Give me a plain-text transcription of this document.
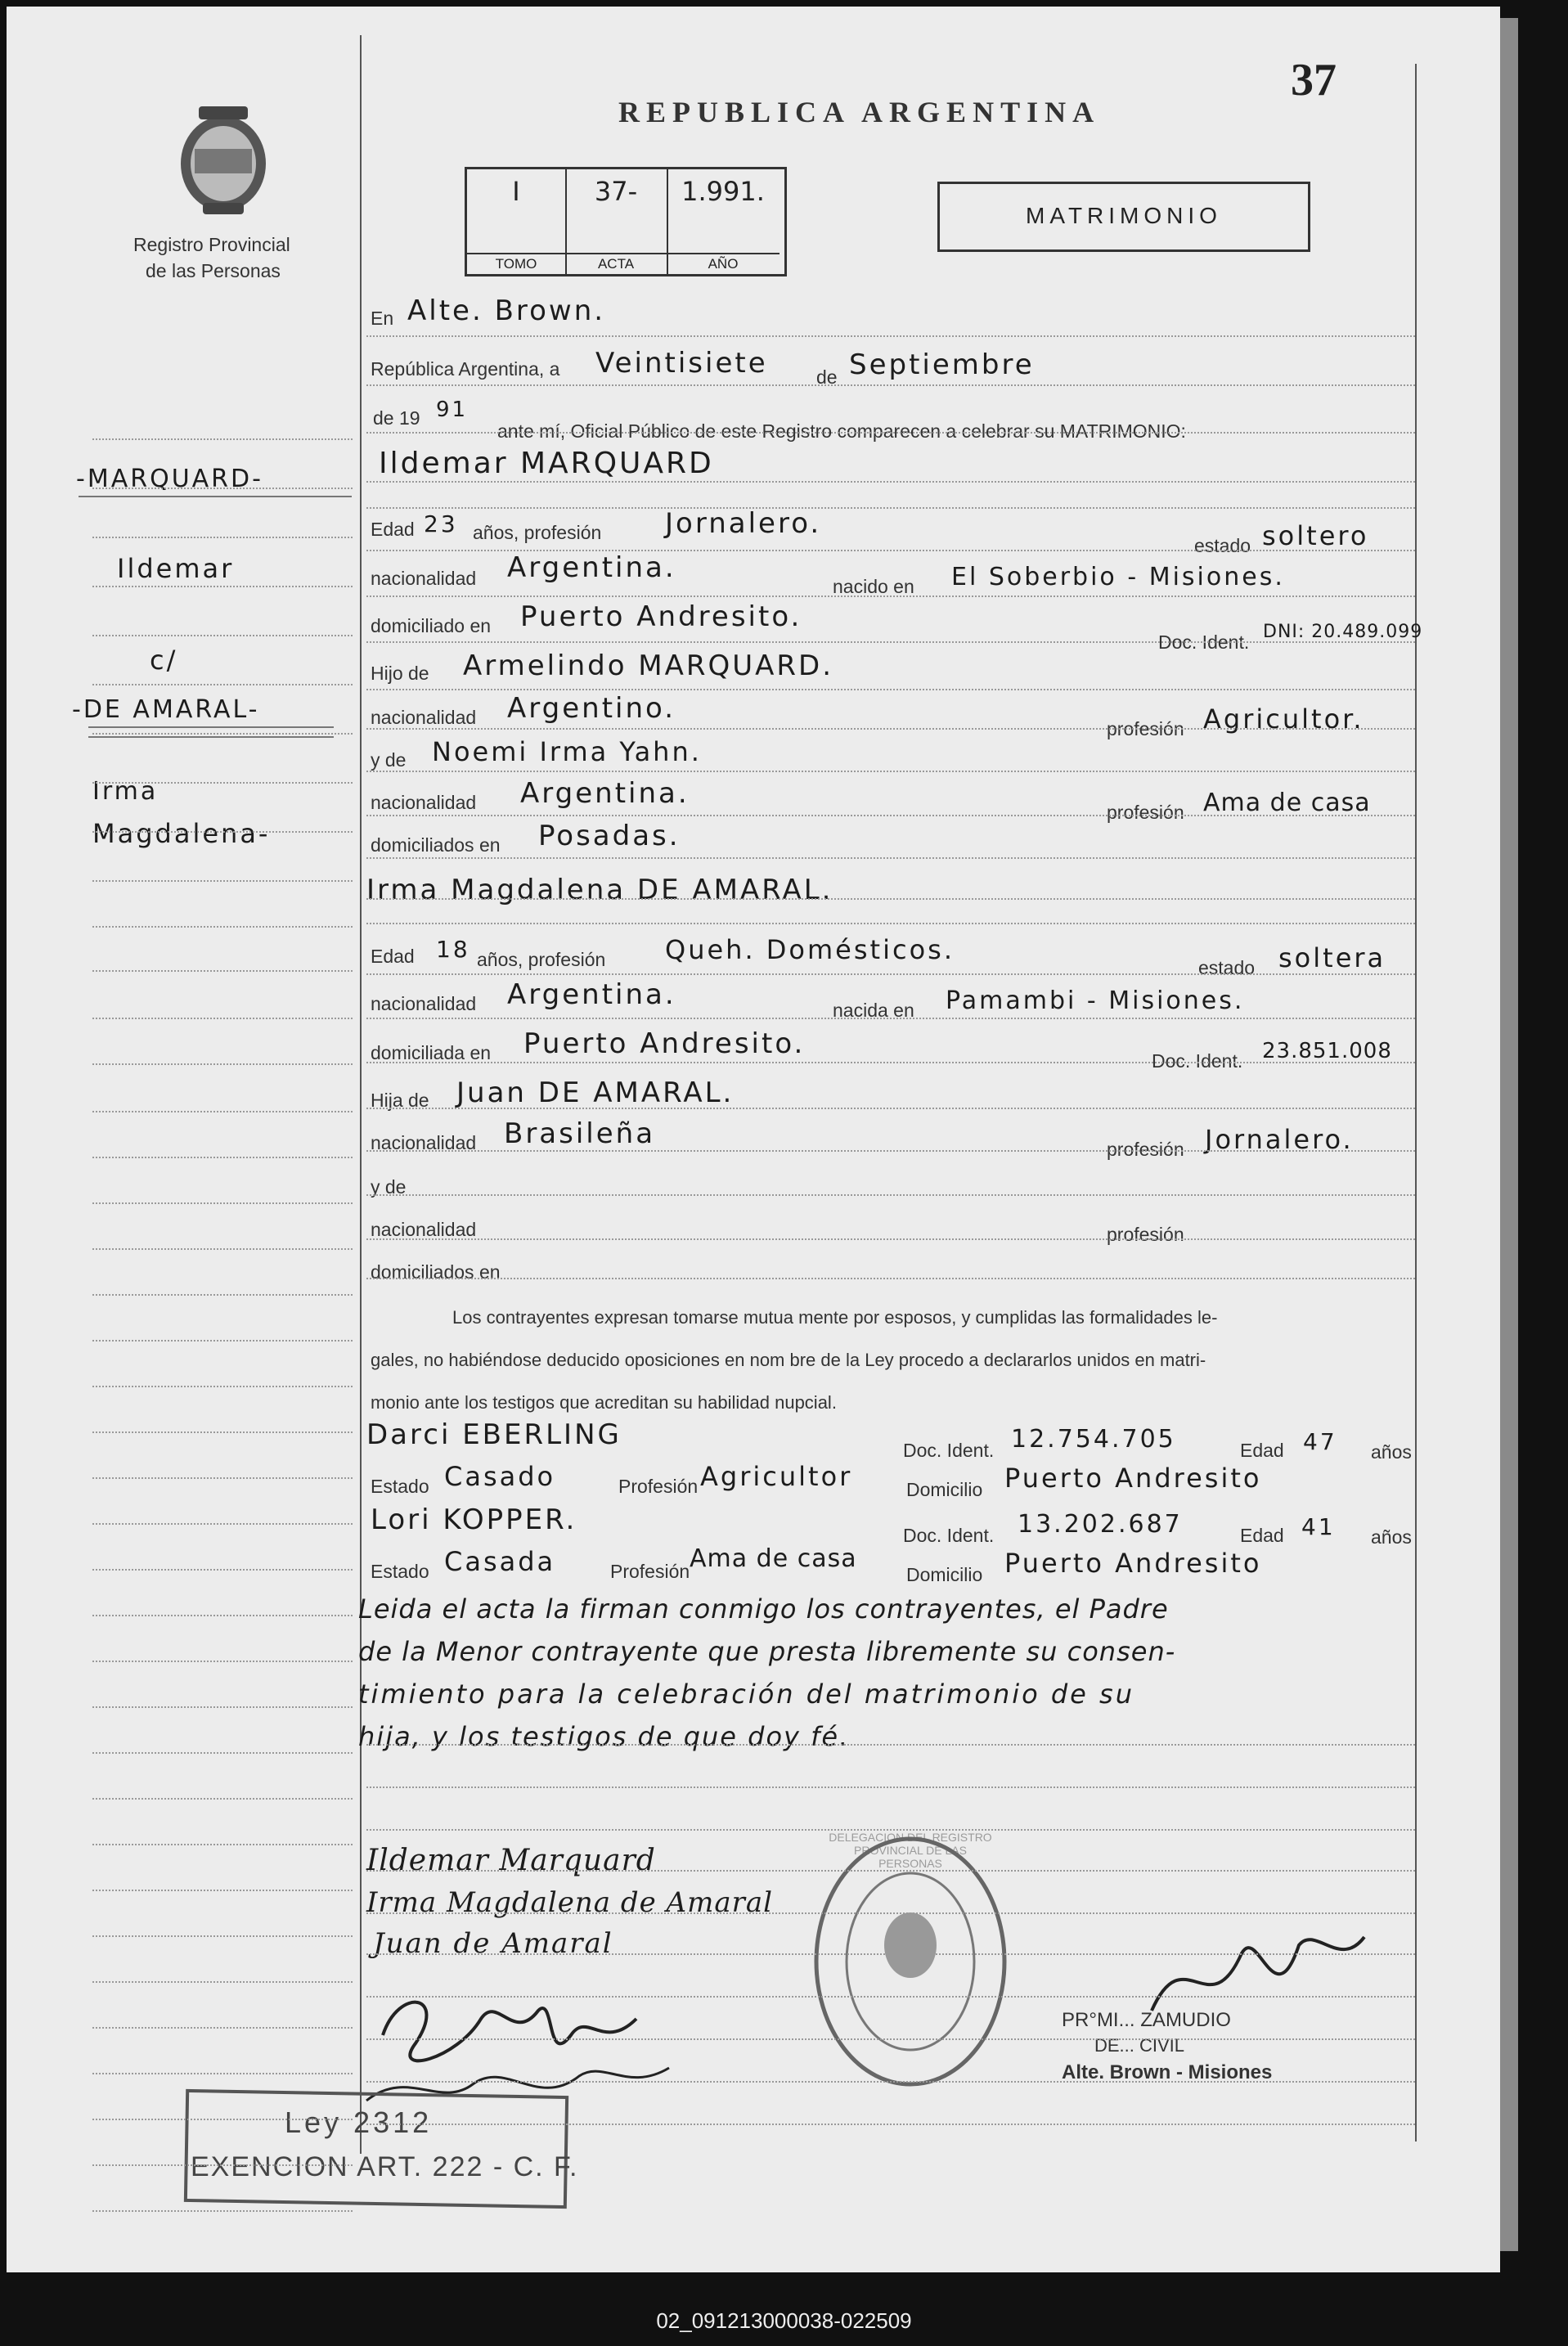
Registro Provincial
de las Personas
REPUBLICA ARGENTINA
37
I
TOMO
37-
ACTA
1.991.
AÑO
MATRIMONIO
-MARQUARD-
Ildemar
c/
-DE AMARAL-
Irma
Magdalena-
En Alte. Brown.
República Argentina, a Veintisiete	de Septiembre
de 19 91
ante mí, Oficial Público de este Registro comparecen a celebrar su MATRIMONIO:
Ildemar MARQUARD
Edad 23 años, profesión Jornalero.
estado soltero
nacionalidad Argentina.
nacido en El Soberbio - Misiones.
domiciliado en Puerto Andresito.
Doc. Ident. DNI: 20.489.099
Hijo de Armelindo MARQUARD.
nacionalidad Argentino.
profesión Agricultor.
y de Noemi Irma Yahn.
nacionalidad Argentina.
profesión Ama de casa
domiciliados en Posadas.
Irma Magdalena DE AMARAL.
Edad 18 años, profesión Queh. Domésticos.
estado soltera
nacionalidad Argentina.	nacida en Pamambi - Misiones.
domiciliada en Puerto Andresito.
Doc. Ident. 23.851.008
Hija de Juan DE AMARAL.
nacionalidad Brasileña	profesión Jornalero.
y de
nacionalidad	profesión
domiciliados en
Los contrayentes expresan tomarse mutua mente por esposos, y cumplidas las formalidades le-
gales, no habiéndose deducido oposiciones en nom bre de la Ley procedo a declararlos unidos en matri-
monio ante los testigos que acreditan su habilidad nupcial.
Darci EBERLING	Doc. Ident. 12.754.705	Edad 47 años
Estado Casado	Profesión Agricultor	Domicilio Puerto Andresito
Lori KOPPER.	Doc. Ident. 13.202.687	Edad 41 años
Estado Casada	Profesión Ama de casa
Domicilio Puerto Andresito
Leida el acta la firman conmigo los contrayentes, el Padre
de la Menor contrayente que presta libremente su consen-
timiento para la celebración del matrimonio de su
hija, y los testigos de que doy fé.
Ildemar Marquard
Irma Magdalena de Amaral
Juan de Amaral
DELEGACION DEL REGISTRO PROVINCIAL DE LAS PERSONAS
PR°MI... ZAMUDIO
DE... CIVIL
Alte. Brown - Misiones
Ley 2312
EXENCION ART. 222 - C. F.
02_091213000038-022509
